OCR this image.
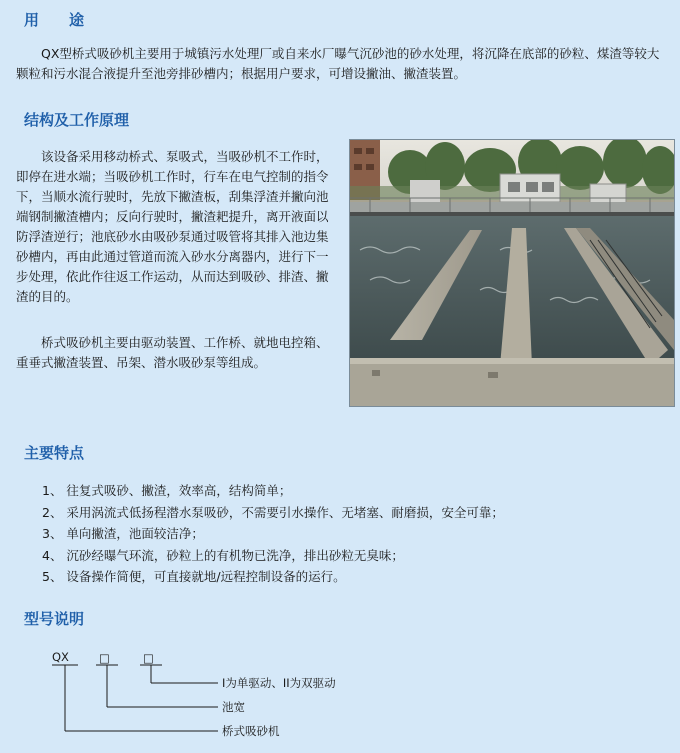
用　　途

QX型桥式吸砂机主要用于城镇污水处理厂或自来水厂曝气沉砂池的砂水处理，将沉降在底部的砂粒、煤渣等较大颗粒和污水混合液提升至池旁排砂槽内；根据用户要求，可增设撇油、撇渣装置。

结构及工作原理

该设备采用移动桥式、泵吸式，当吸砂机不工作时，即停在进水端；当吸砂机工作时，行车在电气控制的指令下，当顺水流行驶时，先放下撇渣板，刮集浮渣并撇向池端钢制撇渣槽内；反向行驶时，撇渣耙提升，离开液面以防浮渣逆行；池底砂水由吸砂泵通过吸管将其排入池边集砂槽内，再由此通过管道而流入砂水分离器内，进行下一步处理，依此作往返工作运动，从而达到吸砂、排渣、撇渣的目的。

桥式吸砂机主要由驱动装置、工作桥、就地电控箱、重垂式撇渣装置、吊架、潜水吸砂泵等组成。

主要特点
1、 往复式吸砂、撇渣，效率高，结构简单；
2、 采用涡流式低扬程潜水泵吸砂，不需要引水操作、无堵塞、耐磨损，安全可靠；
3、 单向撇渣，池面较洁净；
4、 沉砂经曝气环流，砂粒上的有机物已洗净，排出砂粒无臭味；
5、 设备操作简便，可直接就地/远程控制设备的运行。
型号说明
QX	□	□
I为单驱动、II为双驱动
池宽
桥式吸砂机
